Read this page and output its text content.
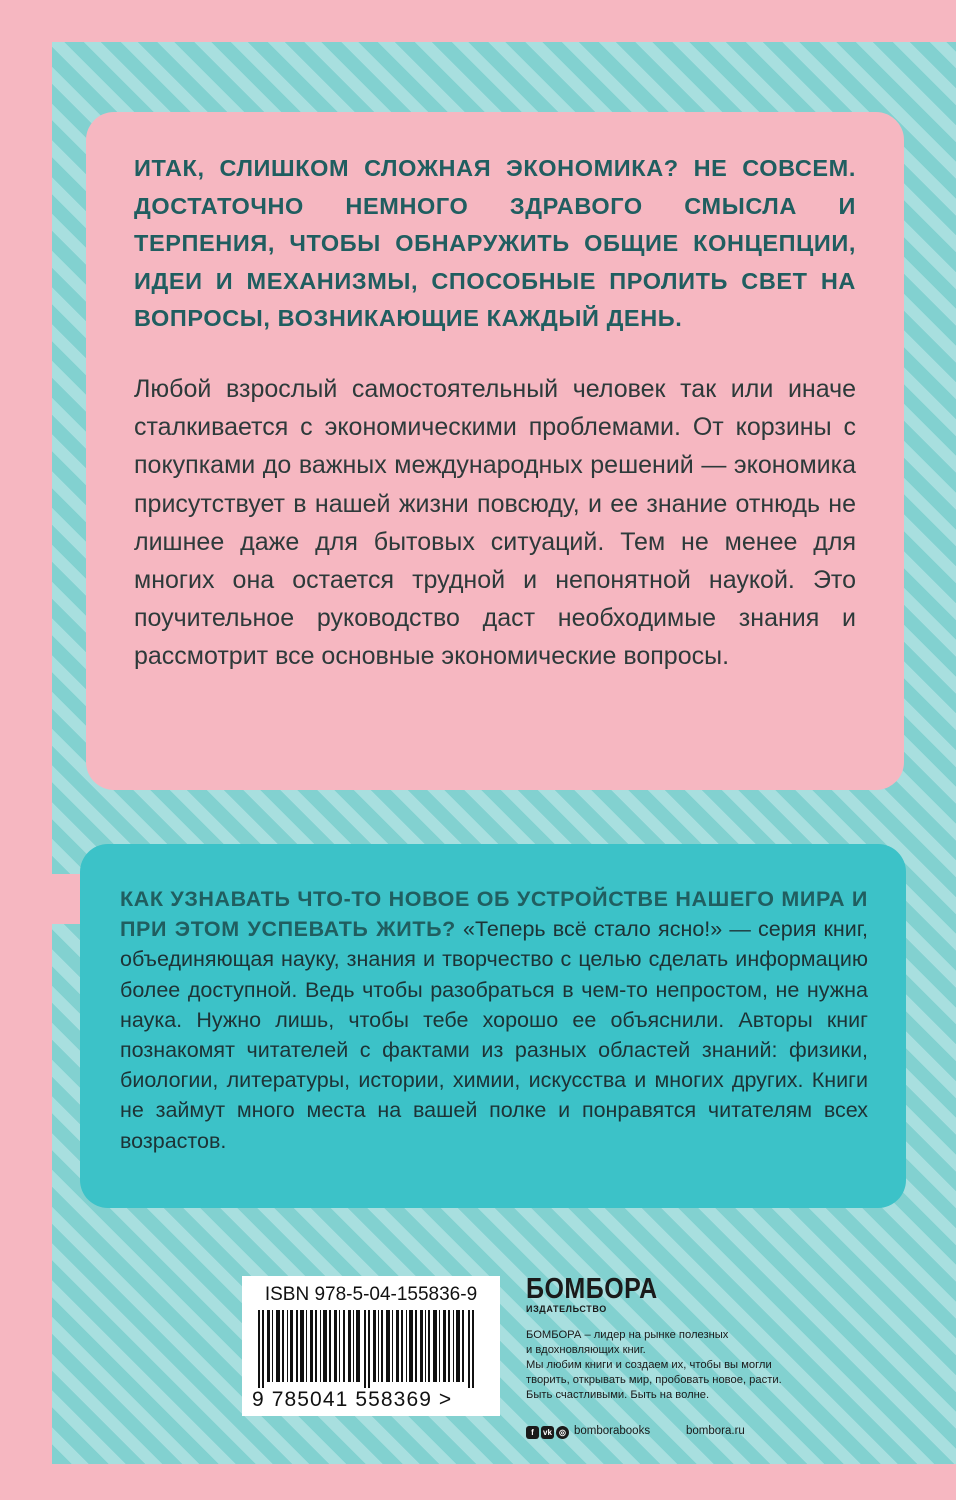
ИТАК, СЛИШКОМ СЛОЖНАЯ ЭКОНОМИКА? НЕ СОВСЕМ. ДОСТАТОЧНО НЕМНОГО ЗДРАВОГО СМЫСЛА И ТЕРПЕНИЯ, ЧТОБЫ ОБНАРУЖИТЬ ОБЩИЕ КОНЦЕПЦИИ, ИДЕИ И МЕХАНИЗМЫ, СПОСОБНЫЕ ПРОЛИТЬ СВЕТ НА ВОПРОСЫ, ВОЗНИКАЮЩИЕ КАЖДЫЙ ДЕНЬ.

Любой взрослый самостоятельный человек так или иначе сталкивается с экономическими проблемами. От корзины с покупками до важных международных решений — экономика присутствует в нашей жизни повсюду, и ее знание отнюдь не лишнее даже для бытовых ситуаций. Тем не менее для многих она остается трудной и непонятной наукой. Это поучительное руководство даст необходимые знания и рассмотрит все основные экономические вопросы.

КАК УЗНАВАТЬ ЧТО-ТО НОВОЕ ОБ УСТРОЙСТВЕ НАШЕГО МИРА И ПРИ ЭТОМ УСПЕВАТЬ ЖИТЬ? «Теперь всё стало ясно!» — серия книг, объединяющая науку, знания и творчество с целью сделать информацию более доступной. Ведь чтобы разобраться в чем-то непростом, не нужна наука. Нужно лишь, чтобы тебе хорошо ее объяснили. Авторы книг познакомят читателей с фактами из разных областей знаний: физики, биологии, литературы, истории, химии, искусства и многих других. Книги не займут много места на вашей полке и понравятся читателям всех возрастов.

ISBN 978-5-04-155836-9
9 785041 558369 >
БОМБОРА
ИЗДАТЕЛЬСТВО

БОМБОРА – лидер на рынке полезных

и вдохновляющих книг.

Мы любим книги и создаем их, чтобы вы могли

творить, открывать мир, пробовать новое, расти.

Быть счастливыми. Быть на волне.

f	vk ◎ bomborabooks	bombora.ru
